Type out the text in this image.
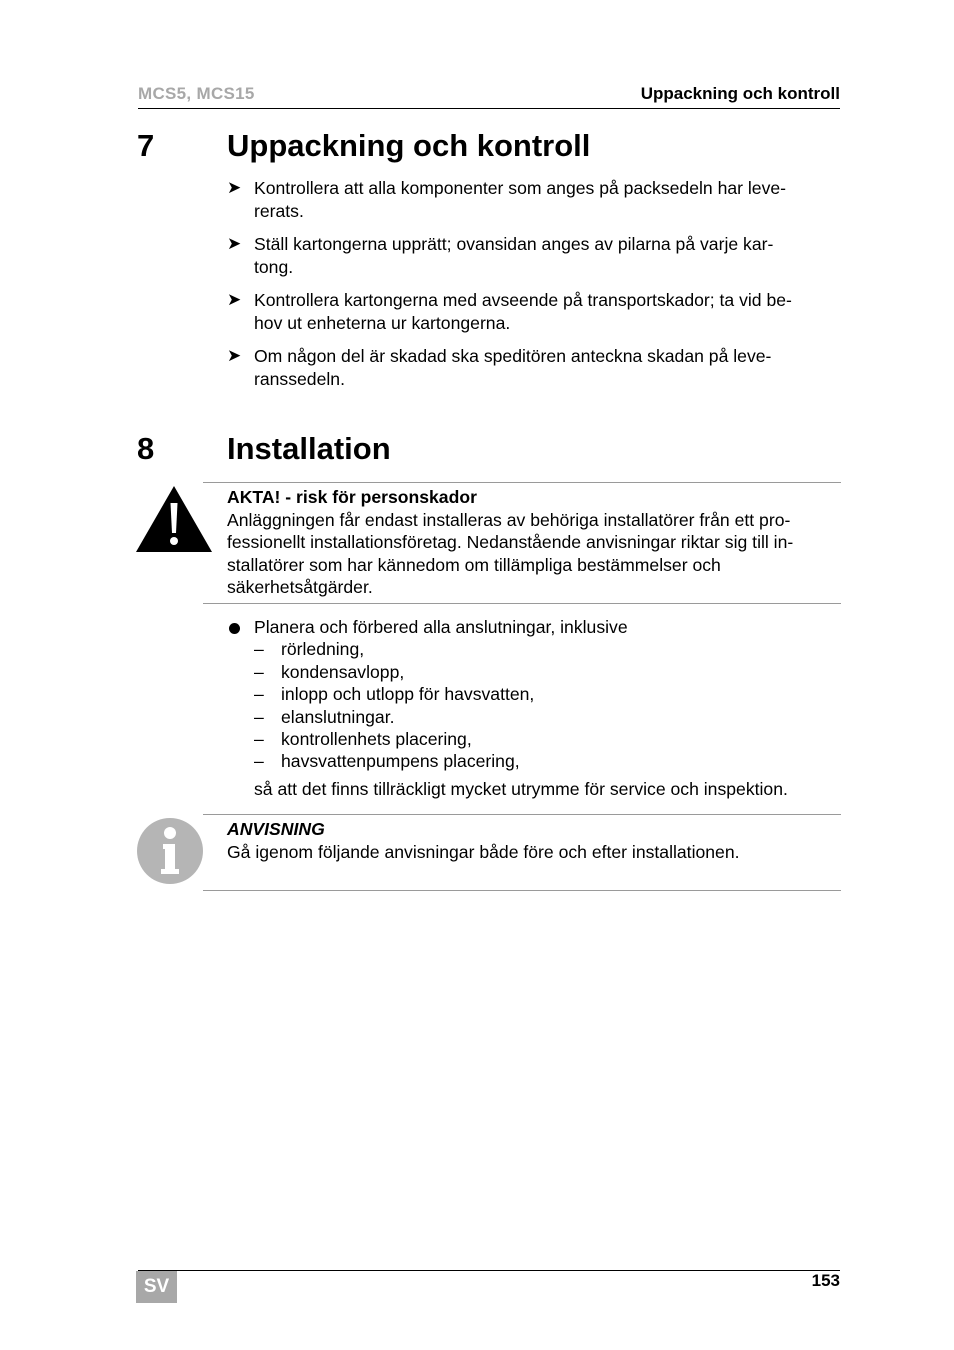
MCS5, MCS15	Uppackning och kontroll
7 Uppackning och kontroll
➤ Kontrollera att alla komponenter som anges på packsedeln har leve-
rerats.
➤ Ställ kartongerna upprätt; ovansidan anges av pilarna på varje kar-
tong.
➤ Kontrollera kartongerna med avseende på transportskador; ta vid be-
hov ut enheterna ur kartongerna.
➤ Om någon del är skadad ska speditören anteckna skadan på leve-
ranssedeln.
8 Installation
AKTA! - risk för personskador
Anläggningen får endast installeras av behöriga installatörer från ett pro-
fessionellt installationsföretag. Nedanstående anvisningar riktar sig till in-
stallatörer som har kännedom om tillämpliga bestämmelser och
säkerhetsåtgärder.
Planera och förbered alla anslutningar, inklusive
– rörledning,
– kondensavlopp,
– inlopp och utlopp för havsvatten,
– elanslutningar.
– kontrollenhets placering,
– havsvattenpumpens placering,
så att det finns tillräckligt mycket utrymme för service och inspektion.
ANVISNING
Gå igenom följande anvisningar både före och efter installationen.
SV	153
